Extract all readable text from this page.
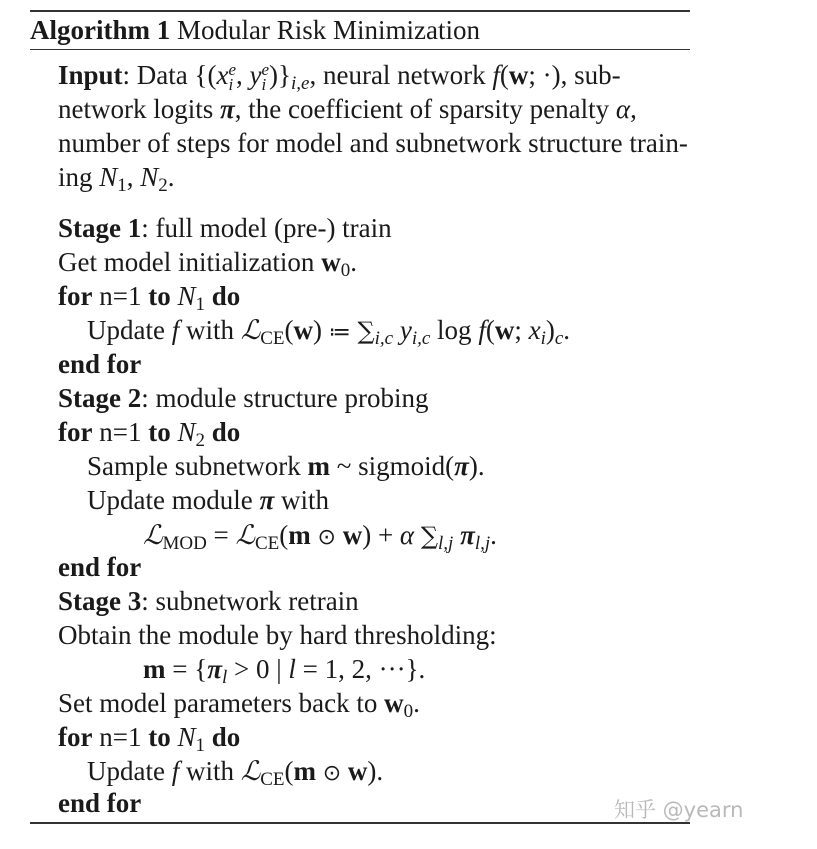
Algorithm 1 Modular Risk Minimization
Input: Data {(x e
i , y e
i )}$_{i,e}$, neural network f(w; ·), sub-
network logits π, the coefficient of sparsity penalty α,
number of steps for model and subnetwork structure train-
ing $N_1$, $N_2$.
Stage 1: full model (pre-) train
Get model initialization $w_0$.
for n=1 to $N_1$ do
Update f with ℒ$_{CE}$(w) ≔ $\sum_{i,c}$ $y_{i,c}$ log f(w; $x_i)_c$.
end for
Stage 2: module structure probing
for n=1 to $N_2$ do
Sample subnetwork m ~ sigmoid(π).
Update module π with
ℒ$_{MOD}$ = ℒ$_{CE}$(m ⊙ w) + α $\sum_{l,j}$ $\pi_{l,j}$.
end for
Stage 3: subnetwork retrain
Obtain the module by hard thresholding:
$m = \{\pi_l > 0$ | l = 1, 2, ···}.
Set model parameters back to $w_0$.
for n=1 to $N_1$ do
Update f with ℒ$_{CE}$(m ⊙ w).
end for	知乎 @yearn
